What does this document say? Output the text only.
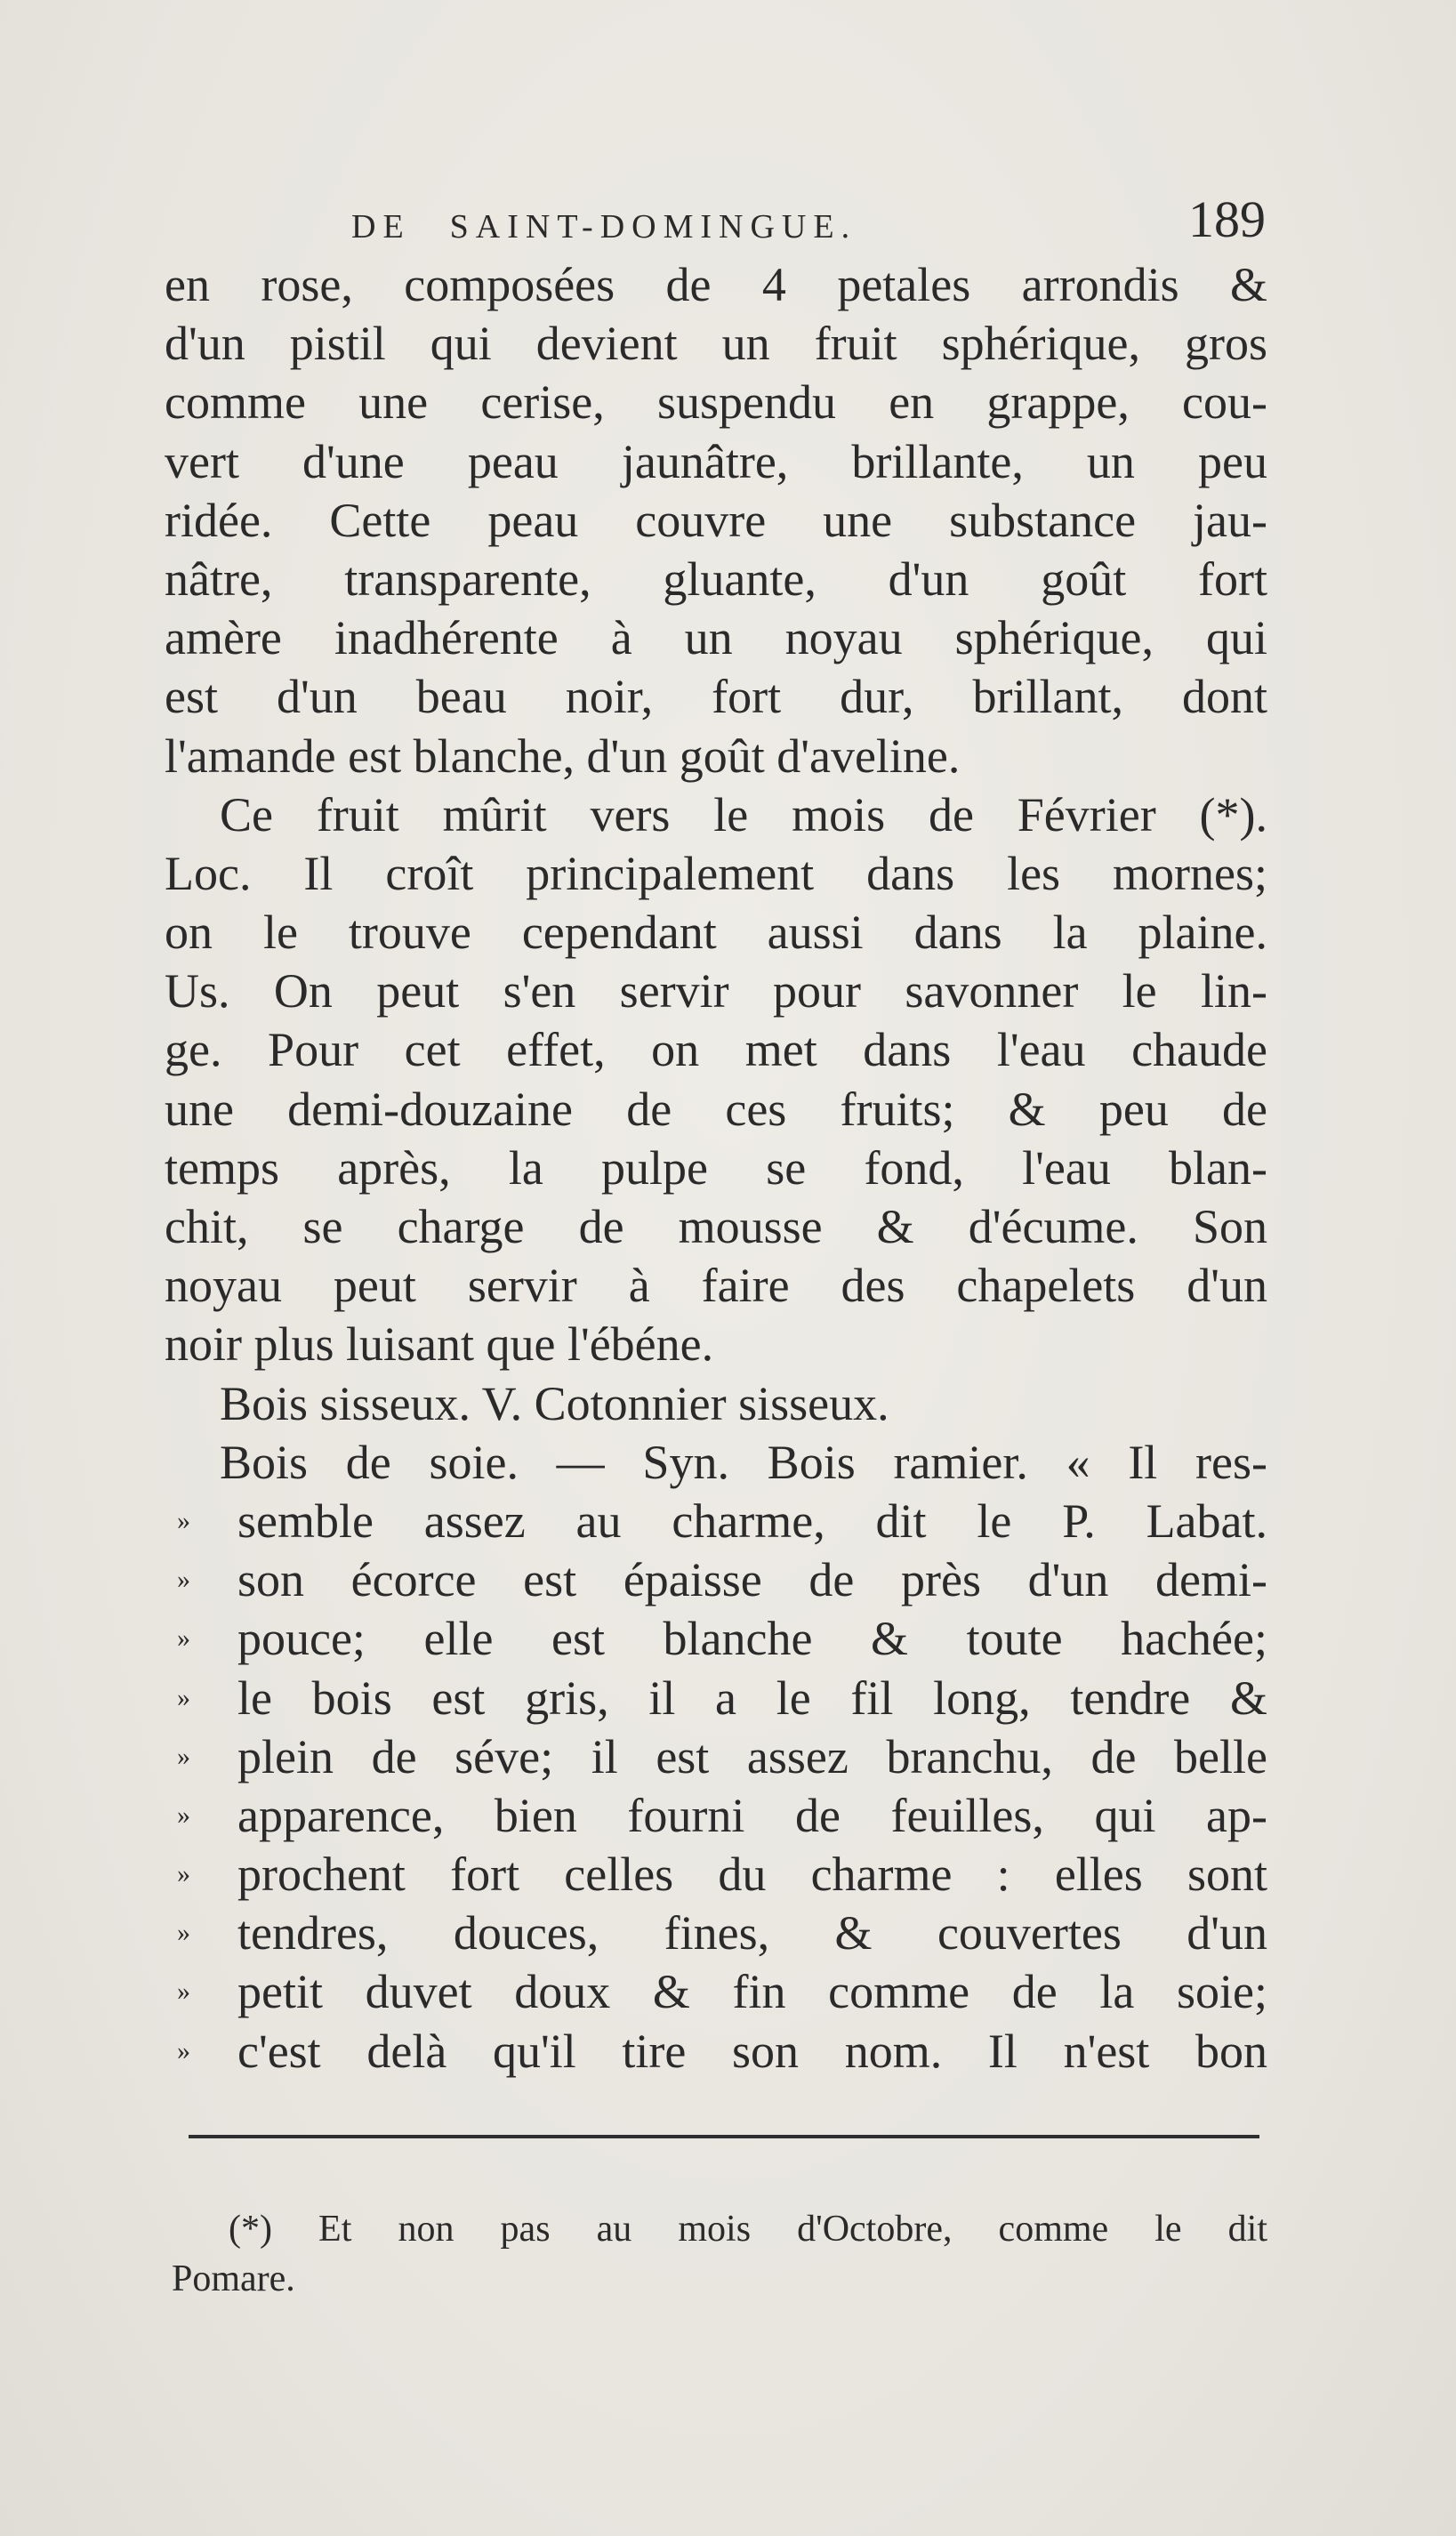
DE SAINT-DOMINGUE.	189
en rose, composées de 4 petales arrondis &
d'un pistil qui devient un fruit sphérique, gros
comme une cerise, suspendu en grappe, cou-
vert d'une peau jaunâtre, brillante, un peu
ridée. Cette peau couvre une substance jau-
nâtre, transparente, gluante, d'un goût fort
amère inadhérente à un noyau sphérique, qui
est d'un beau noir, fort dur, brillant, dont
l'amande est blanche, d'un goût d'aveline.
Ce fruit mûrit vers le mois de Février (*).
Loc. Il croît principalement dans les mornes;
on le trouve cependant aussi dans la plaine.
Us. On peut s'en servir pour savonner le lin-
ge. Pour cet effet, on met dans l'eau chaude
une demi-douzaine de ces fruits; & peu de
temps après, la pulpe se fond, l'eau blan-
chit, se charge de mousse & d'écume. Son
noyau peut servir à faire des chapelets d'un
noir plus luisant que l'ébéne.
Bois sisseux. V. Cotonnier sisseux.
Bois de soie. — Syn. Bois ramier. « Il res-
» semble assez au charme, dit le P. Labat.
» son écorce est épaisse de près d'un demi-
» pouce; elle est blanche & toute hachée;
» le bois est gris, il a le fil long, tendre &
» plein de séve; il est assez branchu, de belle
» apparence, bien fourni de feuilles, qui ap-
» prochent fort celles du charme : elles sont
» tendres, douces, fines, & couvertes d'un
» petit duvet doux & fin comme de la soie;
» c'est delà qu'il tire son nom. Il n'est bon
(*) Et non pas au mois d'Octobre, comme le dit
Pomare.
